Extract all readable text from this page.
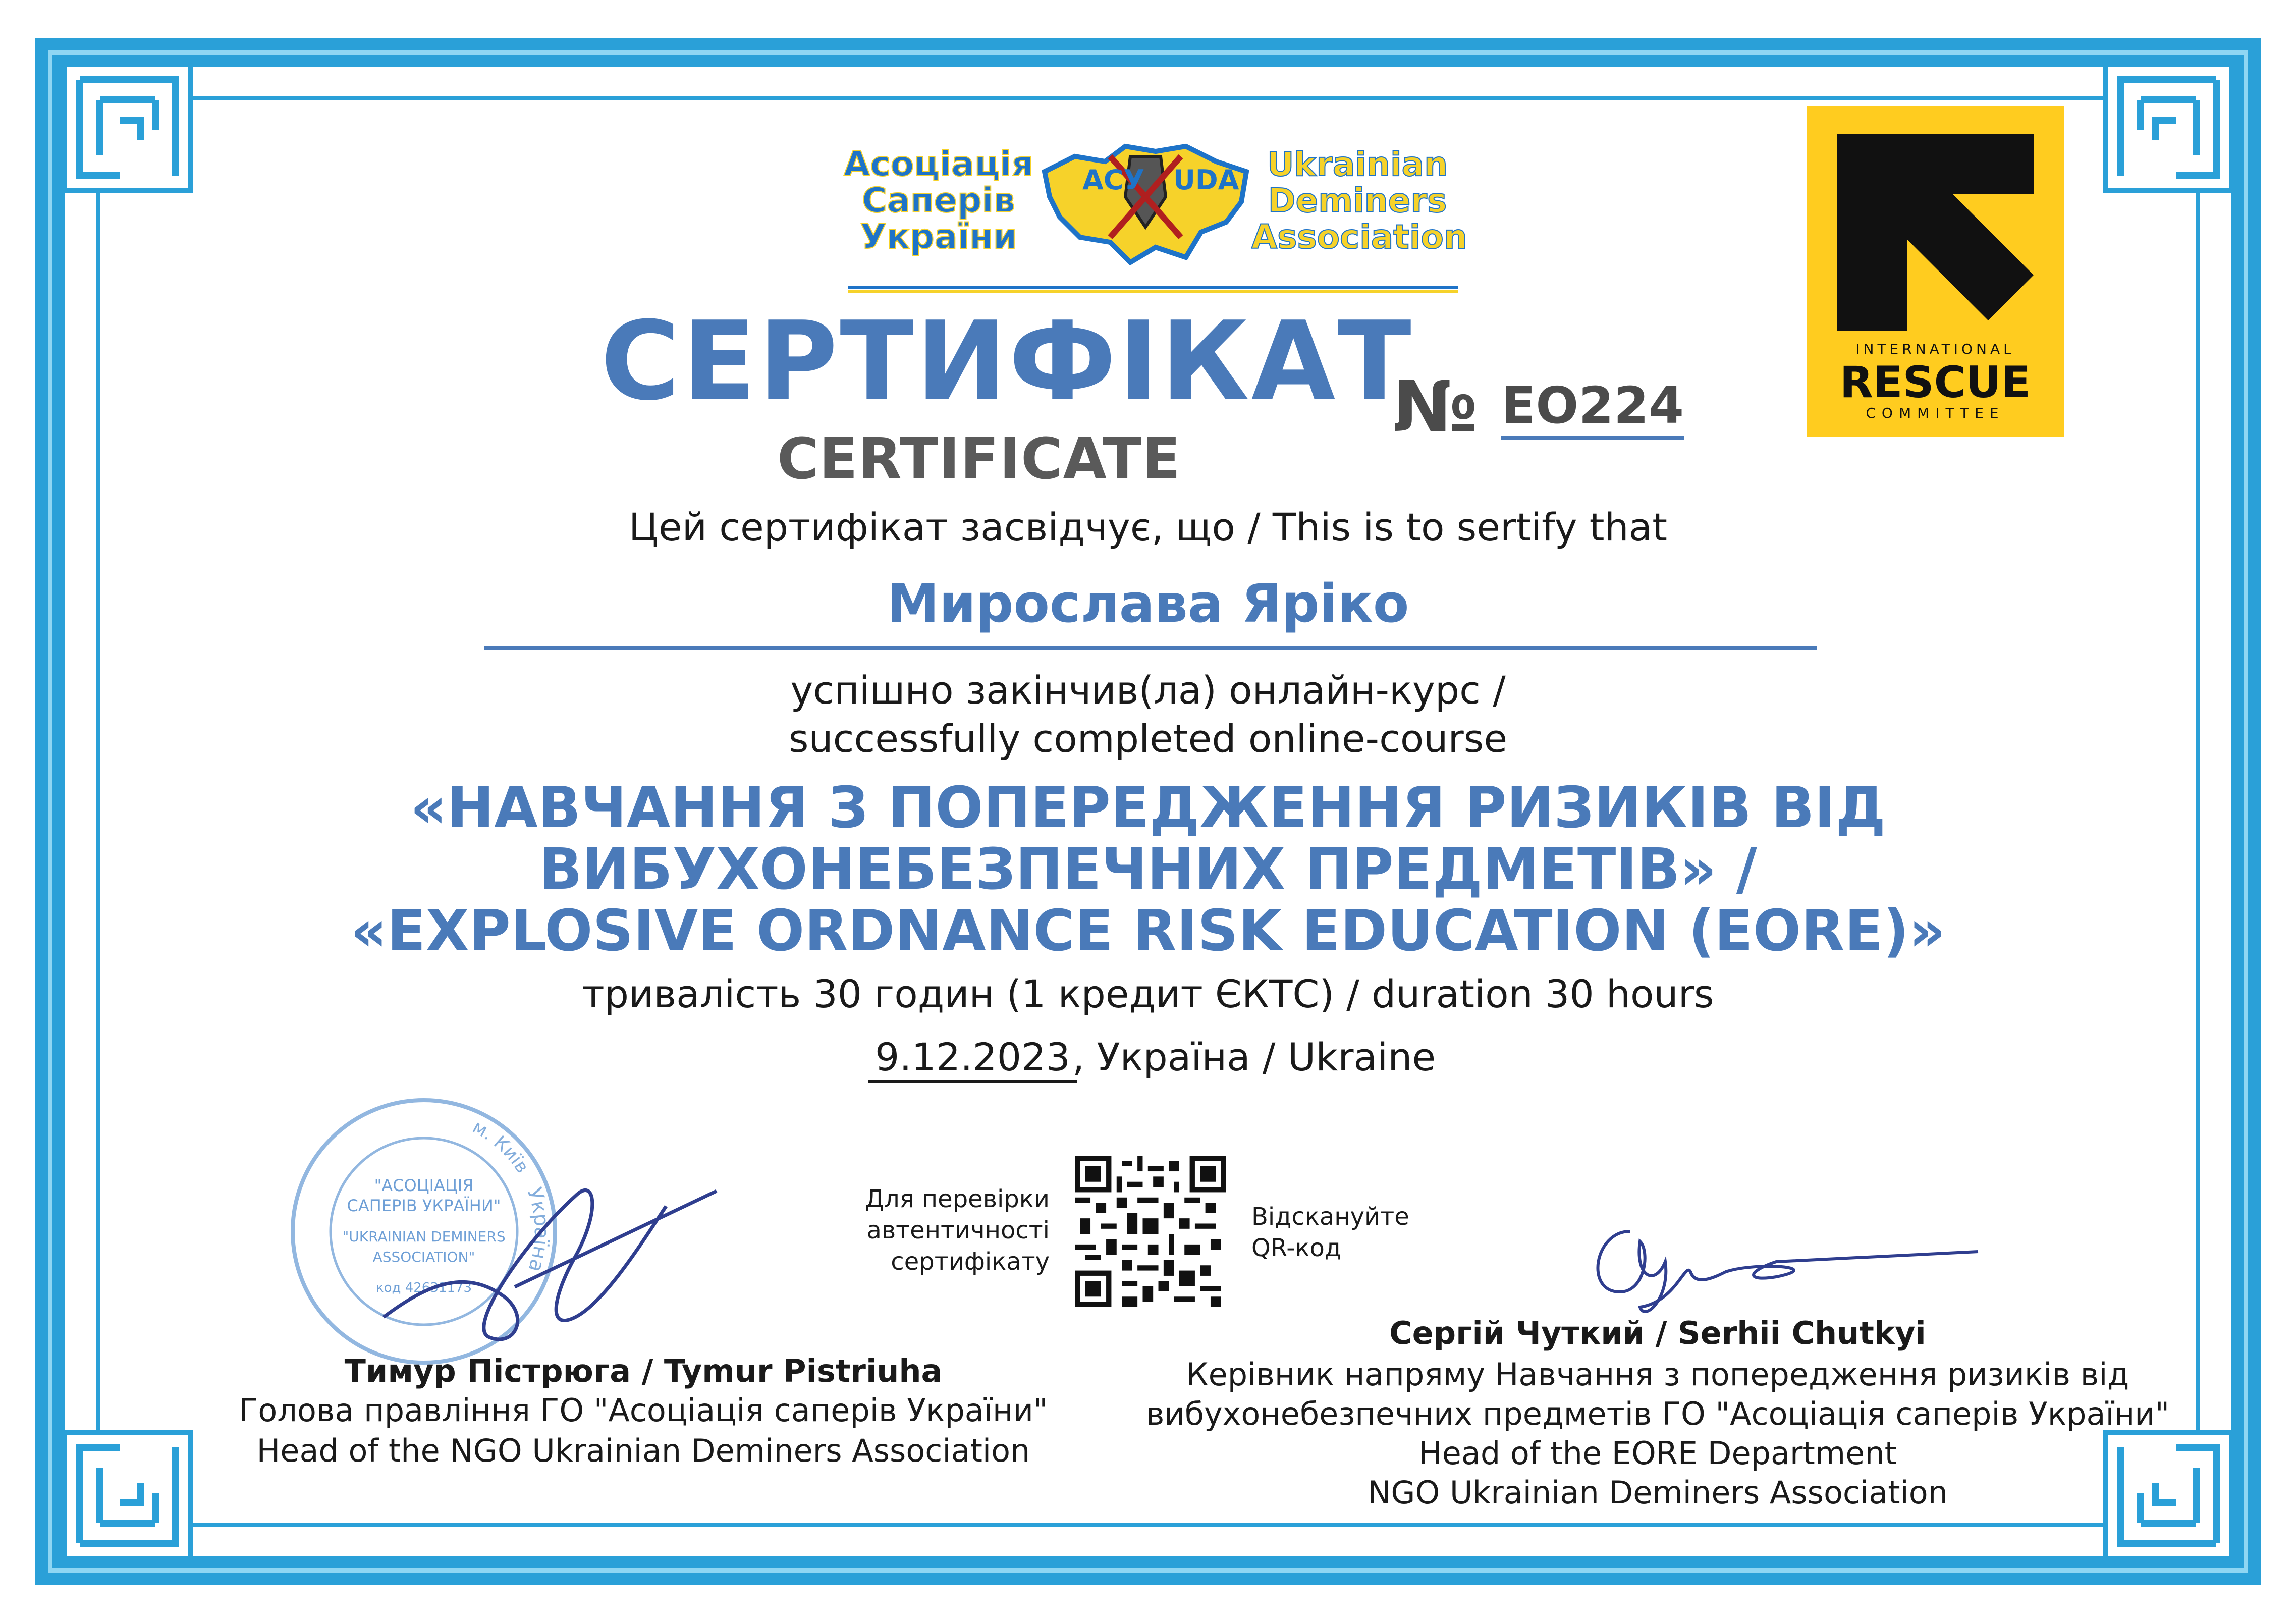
Асоціація
Саперів
України
АСУ UDA Ukrainian
Deminers
Association
INTERNATIONAL
RESCUE
COMMITTEE
СЕРТИФІКАТ
CERTIFICATE
№ EO224
Цей сертифікат засвідчує, що / This is to sertify that
Мирослава Яріко
успішно закінчив(ла) онлайн-курс /
successfully completed online-course
«НАВЧАННЯ З ПОПЕРЕДЖЕННЯ РИЗИКІВ ВІД
ВИБУХОНЕБЕЗПЕЧНИХ ПРЕДМЕТІВ» /
«EXPLOSIVE ORDNANCE RISK EDUCATION (EORE)»
тривалість 30 годин (1 кредит ЄКТС) / duration 30 hours
9.12.2023 , Україна / Ukraine
м. Київ
Україна
"АСОЦІАЦІЯ
САПЕРІВ УКРАЇНИ"
"UKRAINIAN DEMINERS
ASSOCIATION"
код 42631173
Для перевірки
автентичності
сертифікату
Відскануйте
QR-код
Тимур Пістрюга / Tymur Pistriuha
Голова правління ГО "Асоціація саперів України"
Head of the NGO Ukrainian Deminers Association
Сергій Чуткий / Serhii Chutkyi
Керівник напряму Навчання з попередження ризиків від
вибухонебезпечних предметів ГО "Асоціація саперів України"
Head of the EORE Department
NGO Ukrainian Deminers Association
